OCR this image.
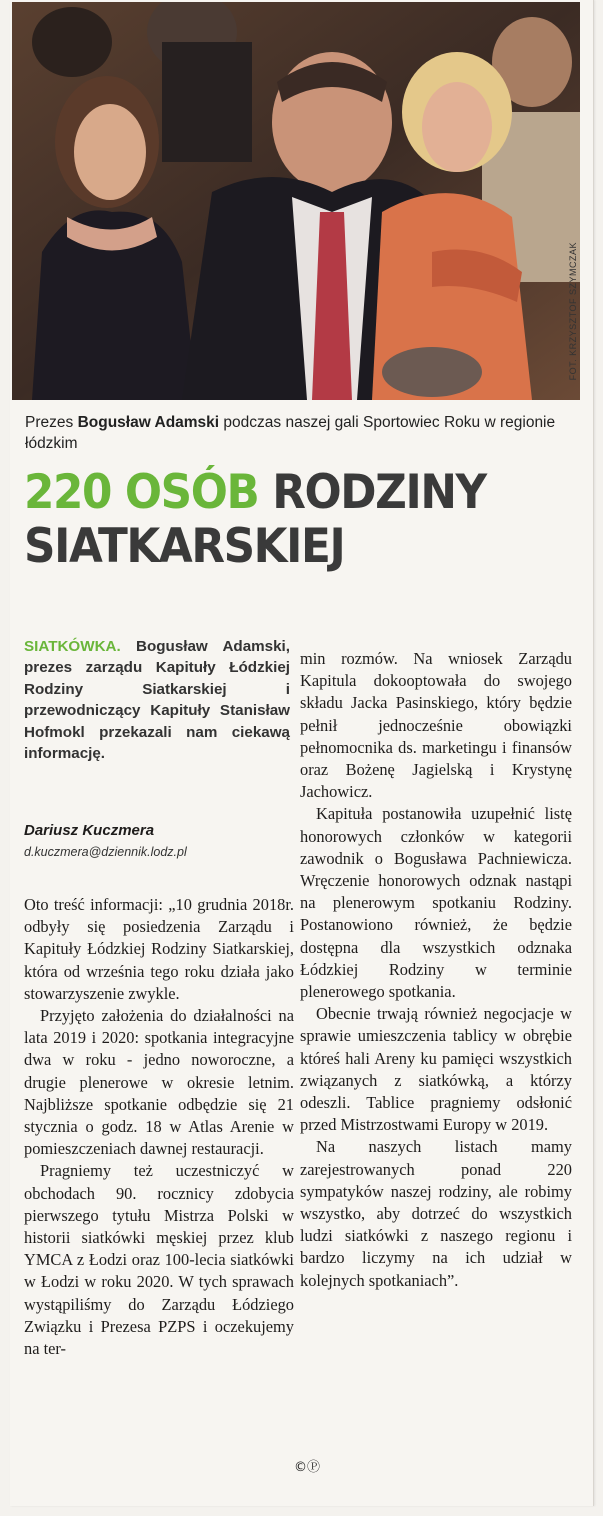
FOT. KRZYSZTOF SZYMCZAK
Prezes Bogusław Adamski podczas naszej gali Sportowiec Roku w regionie łódzkim
220 OSÓB RODZINY
SIATKARSKIEJ
SIATKÓWKA. Bogusław Adamski, prezes zarządu Kapituły Łódzkiej Rodziny Siatkarskiej i przewodniczący Kapituły Stanisław Hofmokl przekazali nam ciekawą informację.
Dariusz Kuczmera
d.kuczmera@dziennik.lodz.pl

Oto treść informacji: „10 grudnia 2018r. odbyły się posiedzenia Zarządu i Kapituły Łódzkiej Rodziny Siatkarskiej, która od września tego roku działa jako stowarzyszenie zwykle.

Przyjęto założenia do działalności na lata 2019 i 2020: spotkania integracyjne dwa w roku - jedno noworoczne, a drugie plenerowe w okresie letnim. Najbliższe spotkanie odbędzie się 21 stycznia o godz. 18 w Atlas Arenie w pomieszczeniach dawnej restauracji.

Pragniemy też uczestniczyć w obchodach 90. rocznicy zdobycia pierwszego tytułu Mistrza Polski w historii siatkówki męskiej przez klub YMCA z Łodzi oraz 100-lecia siatkówki w Łodzi w roku 2020. W tych sprawach wystąpiliśmy do Zarządu Łódziego Związku i Prezesa PZPS i oczekujemy na ter-

min rozmów. Na wniosek Zarządu Kapitula dokooptowała do swojego składu Jacka Pasinskiego, który będzie pełnił jednocześnie obowiązki pełnomocnika ds. marketingu i finansów oraz Bożenę Jagielską i Krystynę Jachowicz.

Kapituła postanowiła uzupełnić listę honorowych członków w kategorii zawodnik o Bogusława Pachniewicza. Wręczenie honorowych odznak nastąpi na plenerowym spotkaniu Rodziny. Postanowiono również, że będzie dostępna dla wszystkich odznaka Łódzkiej Rodziny w terminie plenerowego spotkania.

Obecnie trwają również negocjacje w sprawie umieszczenia tablicy w obrębie któreś hali Areny ku pamięci wszystkich związanych z siatkówką, a którzy odeszli. Tablice pragniemy odsłonić przed Mistrzostwami Europy w 2019.

Na naszych listach mamy zarejestrowanych ponad 220 sympatyków naszej rodziny, ale robimy wszystko, aby dotrzeć do wszystkich ludzi siatkówki z naszego regionu i bardzo liczymy na ich udział w kolejnych spotkaniach”.

©Ⓟ
